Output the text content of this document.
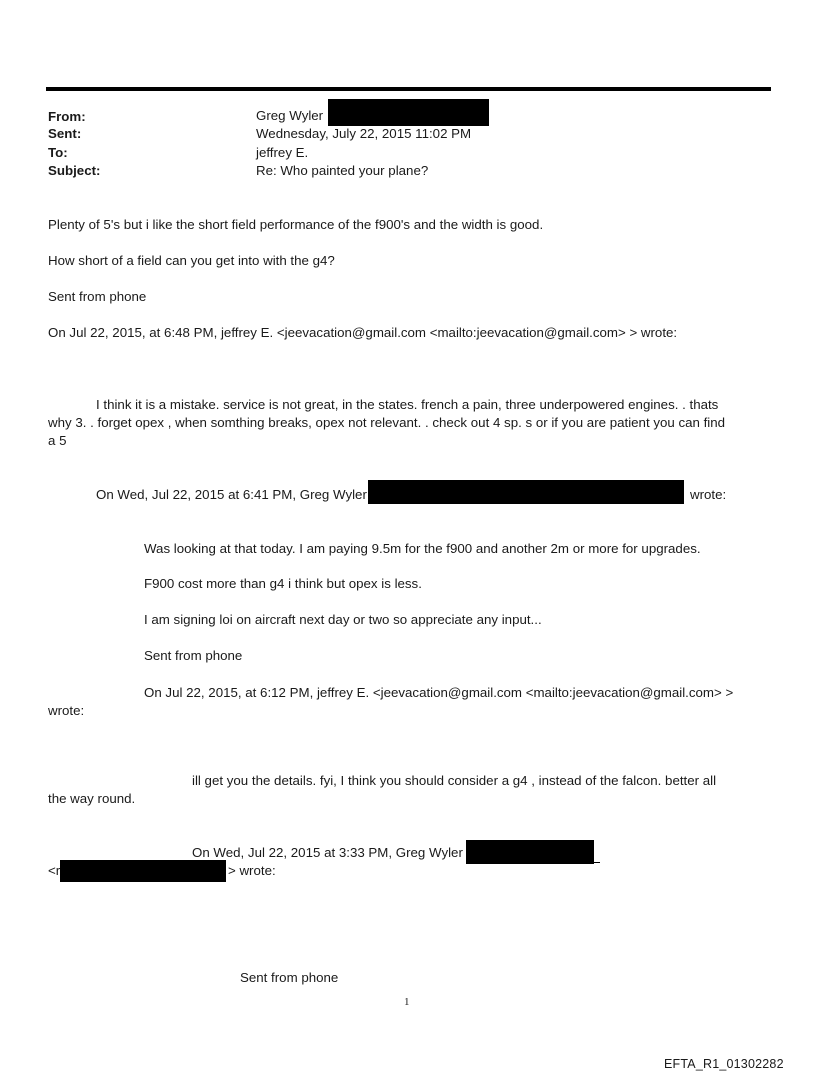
From:	Greg Wyler
Sent:	Wednesday, July 22, 2015 11:02 PM
To:	jeffrey E.
Subject:	Re: Who painted your plane?
Plenty of 5's but i like the short field performance of the f900's and the width is good.
How short of a field can you get into with the g4?
Sent from phone
On Jul 22, 2015, at 6:48 PM, jeffrey E. <jeevacation@gmail.com <mailto:jeevacation@gmail.com> > wrote:
I think it is a mistake. service is not great, in the states. french a pain, three underpowered engines. . thats
why 3. . forget opex , when somthing breaks, opex not relevant. . check out 4 sp. s or if you are patient you can find
a 5
On Wed, Jul 22, 2015 at 6:41 PM, Greg Wyler	wrote:
Was looking at that today. I am paying 9.5m for the f900 and another 2m or more for upgrades.
F900 cost more than g4 i think but opex is less.
I am signing loi on aircraft next day or two so appreciate any input...
Sent from phone
On Jul 22, 2015, at 6:12 PM, jeffrey E. <jeevacation@gmail.com <mailto:jeevacation@gmail.com> >
wrote:
ill get you the details. fyi, I think you should consider a g4 , instead of the falcon. better all
the way round.
On Wed, Jul 22, 2015 at 3:33 PM, Greg Wyler
<r	> wrote:
Sent from phone
1
EFTA_R1_01302282
